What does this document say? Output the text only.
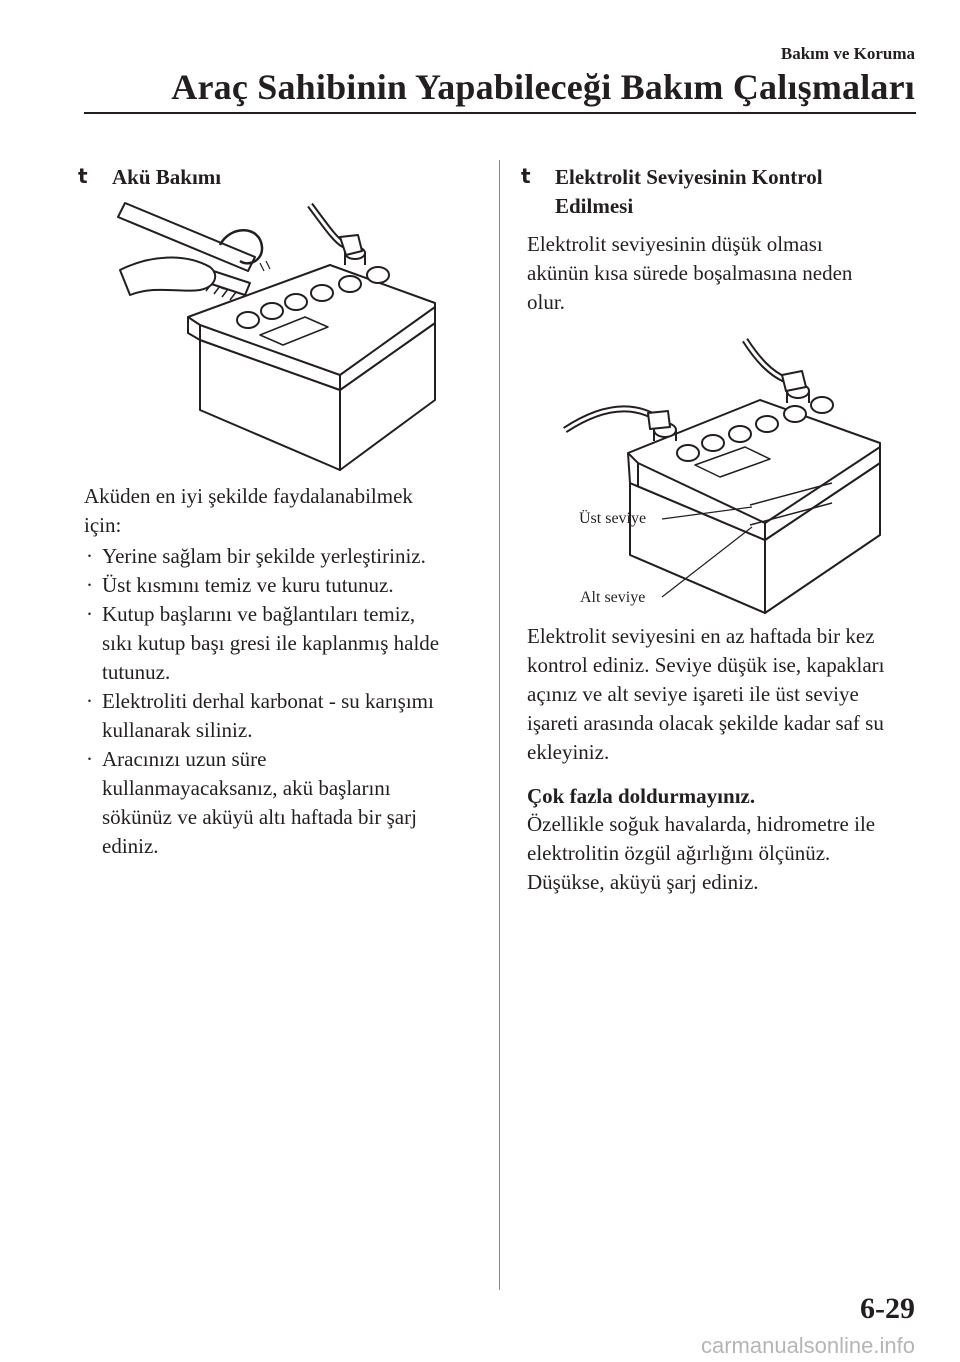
Bakım ve Koruma
Araç Sahibinin Yapabileceği Bakım Çalışmaları
t Akü Bakımı
Aküden en iyi şekilde faydalanabilmek
için:
· Yerine sağlam bir şekilde yerleştiriniz.
· Üst kısmını temiz ve kuru tutunuz.
· Kutup başlarını ve bağlantıları temiz,
sıkı kutup başı gresi ile kaplanmış halde
tutunuz.
· Elektroliti derhal karbonat - su karışımı
kullanarak siliniz.
· Aracınızı uzun süre
kullanmayacaksanız, akü başlarını
sökünüz ve aküyü altı haftada bir şarj
ediniz.
t Elektrolit Seviyesinin Kontrol
Edilmesi
Elektrolit seviyesinin düşük olması
akünün kısa sürede boşalmasına neden
olur.
Üst seviye
Alt seviye
Elektrolit seviyesini en az haftada bir kez
kontrol ediniz. Seviye düşük ise, kapakları
açınız ve alt seviye işareti ile üst seviye
işareti arasında olacak şekilde kadar saf su
ekleyiniz.
Çok fazla doldurmayınız.
Özellikle soğuk havalarda, hidrometre ile
elektrolitin özgül ağırlığını ölçünüz.
Düşükse, aküyü şarj ediniz.
6-29
carmanualsonline.info
